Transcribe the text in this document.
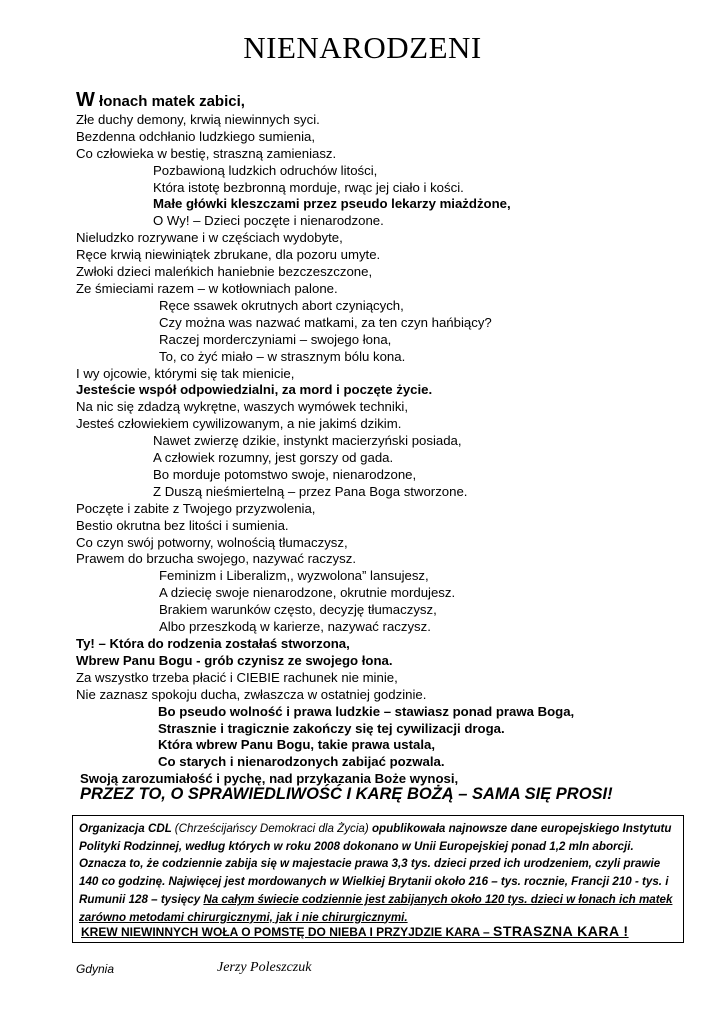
NIENARODZENI
W łonach matek zabici,
Złe duchy demony, krwią niewinnych syci.
Bezdenna odchłanio ludzkiego sumienia,
Co człowieka w bestię, straszną zamieniasz.
Pozbawioną ludzkich odruchów litości,
Która istotę bezbronną morduje, rwąc jej ciało i kości.
Małe główki kleszczami przez pseudo lekarzy miażdżone,
O Wy! – Dzieci poczęte i nienarodzone.
Nieludzko rozrywane i w częściach wydobyte,
Ręce krwią niewiniątek zbrukane, dla pozoru umyte.
Zwłoki dzieci maleńkich haniebnie bezczeszczone,
Ze śmieciami razem – w kotłowniach palone.
Ręce ssawek okrutnych abort czyniących,
Czy można was nazwać matkami, za ten czyn hańbiący?
Raczej morderczyniami – swojego łona,
To, co żyć miało – w strasznym bólu kona.
I wy ojcowie, którymi się tak mienicie,
Jesteście współ odpowiedzialni, za mord i poczęte życie.
Na nic się zdadzą wykrętne, waszych wymówek techniki,
Jesteś człowiekiem cywilizowanym, a nie jakimś dzikim.
Nawet zwierzę dzikie, instynkt macierzyński posiada,
A człowiek rozumny, jest gorszy od gada.
Bo morduje potomstwo swoje, nienarodzone,
Z Duszą nieśmiertelną – przez Pana Boga stworzone.
Poczęte i zabite z Twojego przyzwolenia,
Bestio okrutna bez litości i sumienia.
Co czyn swój potworny, wolnością tłumaczysz,
Prawem do brzucha swojego, nazywać raczysz.
Feminizm i Liberalizm,, wyzwolona” lansujesz,
A dziecię swoje nienarodzone, okrutnie mordujesz.
Brakiem warunków często, decyzję tłumaczysz,
Albo przeszkodą w karierze, nazywać raczysz.
Ty! – Która do rodzenia zostałaś stworzona,
Wbrew Panu Bogu - grób czynisz ze swojego łona.
Za wszystko trzeba płacić i CIEBIE rachunek nie minie,
Nie zaznasz spokoju ducha, zwłaszcza w ostatniej godzinie.
Bo pseudo wolność i prawa ludzkie – stawiasz ponad prawa Boga,
Strasznie i tragicznie zakończy się tej cywilizacji droga.
Która wbrew Panu Bogu, takie prawa ustala,
Co starych i nienarodzonych zabijać pozwala.
Swoją zarozumiałość i pychę, nad przykazania Boże wynosi,
PRZEZ TO, O SPRAWIEDLIWOŚĆ I KARĘ BOŻĄ – SAMA SIĘ PROSI!
Organizacja CDL (Chrześcijańscy Demokraci dla Życia) opublikowała najnowsze dane europejskiego Instytutu Polityki Rodzinnej, według których w roku 2008 dokonano w Unii Europejskiej ponad 1,2 mln aborcji. Oznacza to, że codziennie zabija się w majestacie prawa 3,3 tys. dzieci przed ich urodzeniem, czyli prawie 140 co godzinę. Najwięcej jest mordowanych w Wielkiej Brytanii około 216 – tys. rocznie, Francji 210 - tys. i Rumunii 128 – tysięcy Na całym świecie codziennie jest zabijanych około 120 tys. dzieci w łonach ich matek zarówno metodami chirurgicznymi, jak i nie chirurgicznymi.
KREW NIEWINNYCH WOŁA O POMSTĘ DO NIEBA I PRZYJDZIE KARA – STRASZNA KARA !
Gdynia	Jerzy Poleszczuk
